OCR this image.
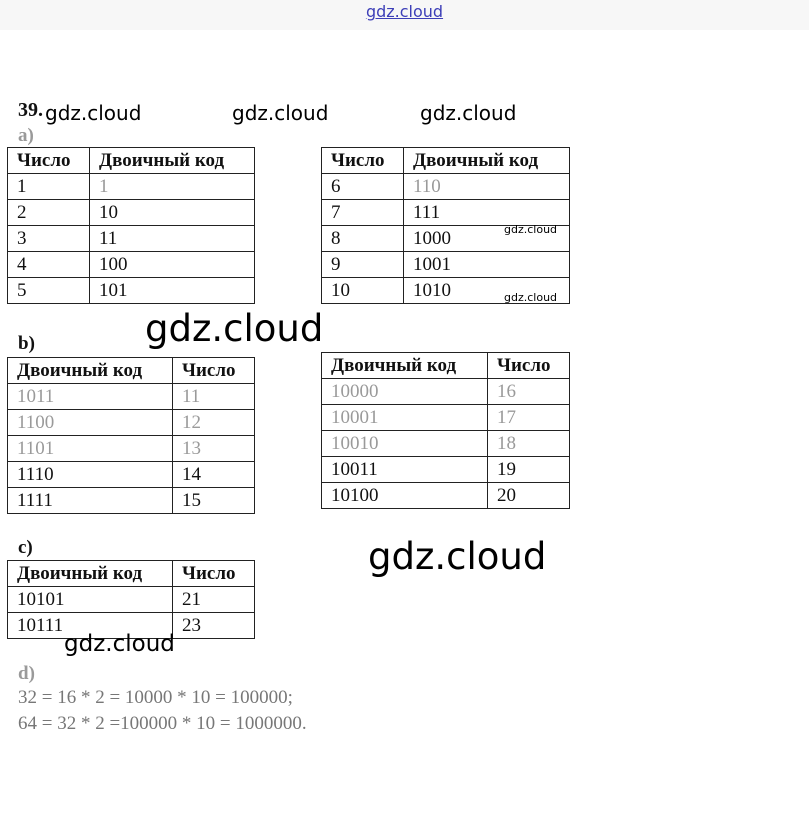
gdz.cloud
39. gdz.cloud	gdz.cloud	gdz.cloud
a)
Число	Двоичный код
1	1
2	10
3	11
4	100
5	101
Число	Двоичный код
6	110
7	111
8	1000
9	1001
10	1010
gdz.cloud
gdz.cloud
gdz.cloud
b)
Двоичный код	Число
1011	11
1100	12
1101	13
1110	14
1111	15
Двоичный код	Число
10000	16
10001	17
10010	18
10011	19
10100	20
c)	gdz.cloud
Двоичный код	Число
10101	21
10111	23
gdz.cloud
d)
32 = 16 * 2 = 10000 * 10 = 100000;
64 = 32 * 2 =100000 * 10 = 1000000.
